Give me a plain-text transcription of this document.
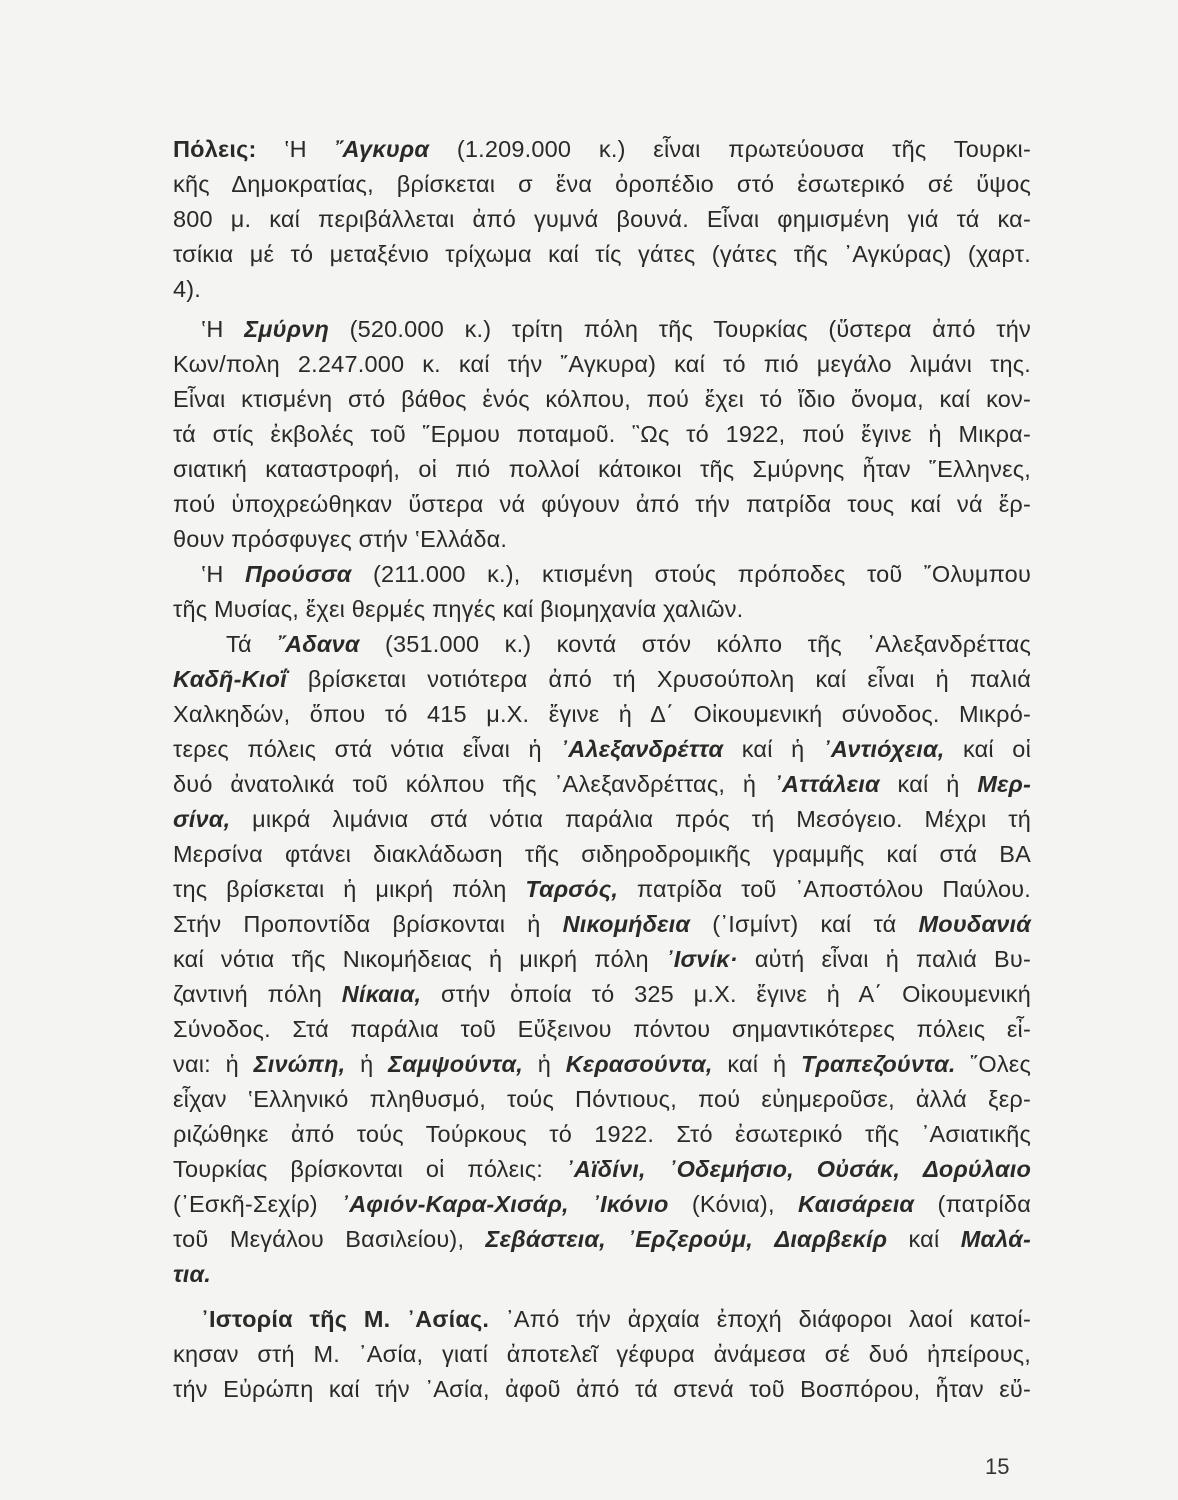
Πόλεις: ‛Η ῎Αγκυρα (1.209.000 κ.) εἶναι πρωτεύουσα τῆς Τουρκι-
κῆς Δημοκρατίας, βρίσκεται σ ἕνα ὀροπέδιο στό ἐσωτερικό σέ ὕψος
800 μ. καί περιβάλλεται ἀπό γυμνά βουνά. Εἶναι φημισμένη γιά τά κα-
τσίκια μέ τό μεταξένιο τρίχωμα καί τίς γάτες (γάτες τῆς ᾽Αγκύρας) (χαρτ.
4).
‛Η Σμύρνη (520.000 κ.) τρίτη πόλη τῆς Τουρκίας (ὕστερα ἀπό τήν
Κων/πολη 2.247.000 κ. καί τήν ῎Αγκυρα) καί τό πιό μεγάλο λιμάνι της.
Εἶναι κτισμένη στό βάθος ἑνός κόλπου, πού ἔχει τό ἴδιο ὄνομα, καί κον-
τά στίς ἐκβολές τοῦ ῞Ερμου ποταμοῦ. ῝Ως τό 1922, πού ἔγινε ἡ Μικρα-
σιατική καταστροφή, οἱ πιό πολλοί κάτοικοι τῆς Σμύρνης ἦταν ῞Ελληνες,
πού ὑποχρεώθηκαν ὕστερα νά φύγουν ἀπό τήν πατρίδα τους καί νά ἔρ-
θουν πρόσφυγες στήν ‛Ελλάδα.
‛Η Προύσσα (211.000 κ.), κτισμένη στούς πρόποδες τοῦ ῎Ολυμπου
τῆς Μυσίας, ἔχει θερμές πηγές καί βιομηχανία χαλιῶν.
Τά ῎Αδανα (351.000 κ.) κοντά στόν κόλπο τῆς ᾽Αλεξανδρέττας
Καδῆ-Κιοΐ βρίσκεται νοτιότερα ἀπό τή Χρυσούπολη καί εἶναι ἡ παλιά
Χαλκηδών, ὅπου τό 415 μ.Χ. ἔγινε ἡ Δ΄ Οἰκουμενική σύνοδος. Μικρό-
τερες πόλεις στά νότια εἶναι ἡ ᾽Αλεξανδρέττα καί ἡ ᾽Αντιόχεια, καί οἱ
δυό ἀνατολικά τοῦ κόλπου τῆς ᾽Αλεξανδρέττας, ἡ ᾽Αττάλεια καί ἡ Μερ-
σίνα, μικρά λιμάνια στά νότια παράλια πρός τή Μεσόγειο. Μέχρι τή
Μερσίνα φτάνει διακλάδωση τῆς σιδηροδρομικῆς γραμμῆς καί στά ΒΑ
της βρίσκεται ἡ μικρή πόλη Ταρσός, πατρίδα τοῦ ᾽Αποστόλου Παύλου.
Στήν Προποντίδα βρίσκονται ἡ Νικομήδεια (᾽Ισμίντ) καί τά Μουδανιά
καί νότια τῆς Νικομήδειας ἡ μικρή πόλη ᾽Ισνίκ· αὐτή εἶναι ἡ παλιά Βυ-
ζαντινή πόλη Νίκαια, στήν ὁποία τό 325 μ.Χ. ἔγινε ἡ Α΄ Οἰκουμενική
Σύνοδος. Στά παράλια τοῦ Εὔξεινου πόντου σημαντικότερες πόλεις εἶ-
ναι: ἡ Σινώπη, ἡ Σαμψούντα, ἡ Κερασούντα, καί ἡ Τραπεζούντα. ῞Ολες
εἶχαν ‛Ελληνικό πληθυσμό, τούς Πόντιους, πού εὐημεροῦσε, ἀλλά ξερ-
ριζώθηκε ἀπό τούς Τούρκους τό 1922. Στό ἐσωτερικό τῆς ᾽Ασιατικῆς
Τουρκίας βρίσκονται οἱ πόλεις: ᾽Αϊδίνι, ᾽Οδεμήσιο, Οὐσάκ, Δορύλαιο
(᾽Εσκῆ-Σεχίρ) ᾽Αφιόν-Καρα-Χισάρ, ᾽Ικόνιο (Κόνια), Καισάρεια (πατρίδα
τοῦ Μεγάλου Βασιλείου), Σεβάστεια, ᾽Ερζερούμ, Διαρβεκίρ καί Μαλά-
τια.
᾽Ιστορία τῆς Μ. ᾽Ασίας. ᾽Από τήν ἀρχαία ἐποχή διάφοροι λαοί κατοί-
κησαν στή Μ. ᾽Ασία, γιατί ἀποτελεῖ γέφυρα ἀνάμεσα σέ δυό ἠπείρους,
τήν Εὐρώπη καί τήν ᾽Ασία, ἀφοῦ ἀπό τά στενά τοῦ Βοσπόρου, ἦταν εὔ-
15
